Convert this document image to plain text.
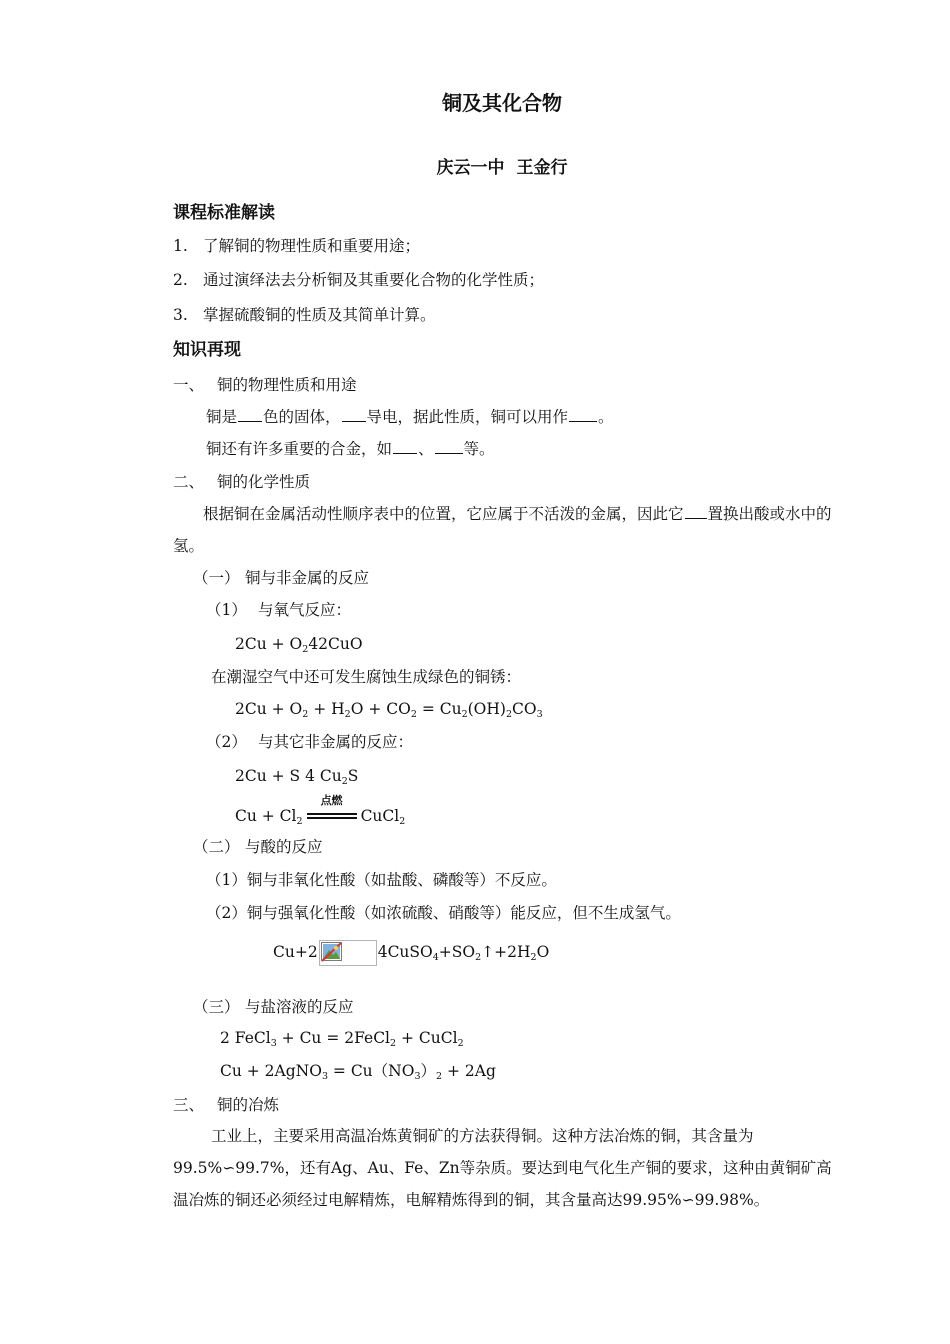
铜及其化合物
庆云一中 王金行
课程标准解读
1. 了解铜的物理性质和重要用途；
2. 通过演绎法去分析铜及其重要化合物的化学性质；
3. 掌握硫酸铜的性质及其简单计算。
知识再现
一、 铜的物理性质和用途
铜是 色的固体， 导电，据此性质，铜可以用作 。
铜还有许多重要的合金，如 、 等。
二、 铜的化学性质
根据铜在金属活动性顺序表中的位置，它应属于不活泼的金属，因此它 置换出酸或水中的氢。
（一） 铜与非金属的反应
（1） 与氧气反应：
$2Cu + O_242CuO$
在潮湿空气中还可发生腐蚀生成绿色的铜锈：
$2Cu + O_2 + H_2O + CO_2 = Cu_2(OH)_2CO_3$
（2） 与其它非金属的反应：
2Cu + S 4 $Cu_2S$
$Cu + Cl_2$
点燃
CuCl$_2$
（二） 与酸的反应
（1）铜与非氧化性酸（如盐酸、磷酸等）不反应。
（2）铜与强氧化性酸（如浓硫酸、硝酸等）能反应，但不生成氢气。
Cu+2	$4CuSO_4+SO_2↑+2H_2O$
（三） 与盐溶液的反应
2 FeCl$_3$ + Cu = 2FeCl$_2$ + CuCl$_2$
Cu + 2AgNO$_3$ = $Cu(NO_3)_2 + 2Ag$
三、 铜的冶炼
工业上，主要采用高温冶炼黄铜矿的方法获得铜。这种方法冶炼的铜，其含量为99.5%∽99.7%，还有Ag、Au、Fe、Zn等杂质。要达到电气化生产铜的要求，这种由黄铜矿高温冶炼的铜还必须经过电解精炼，电解精炼得到的铜，其含量高达99.95%∽99.98%。
